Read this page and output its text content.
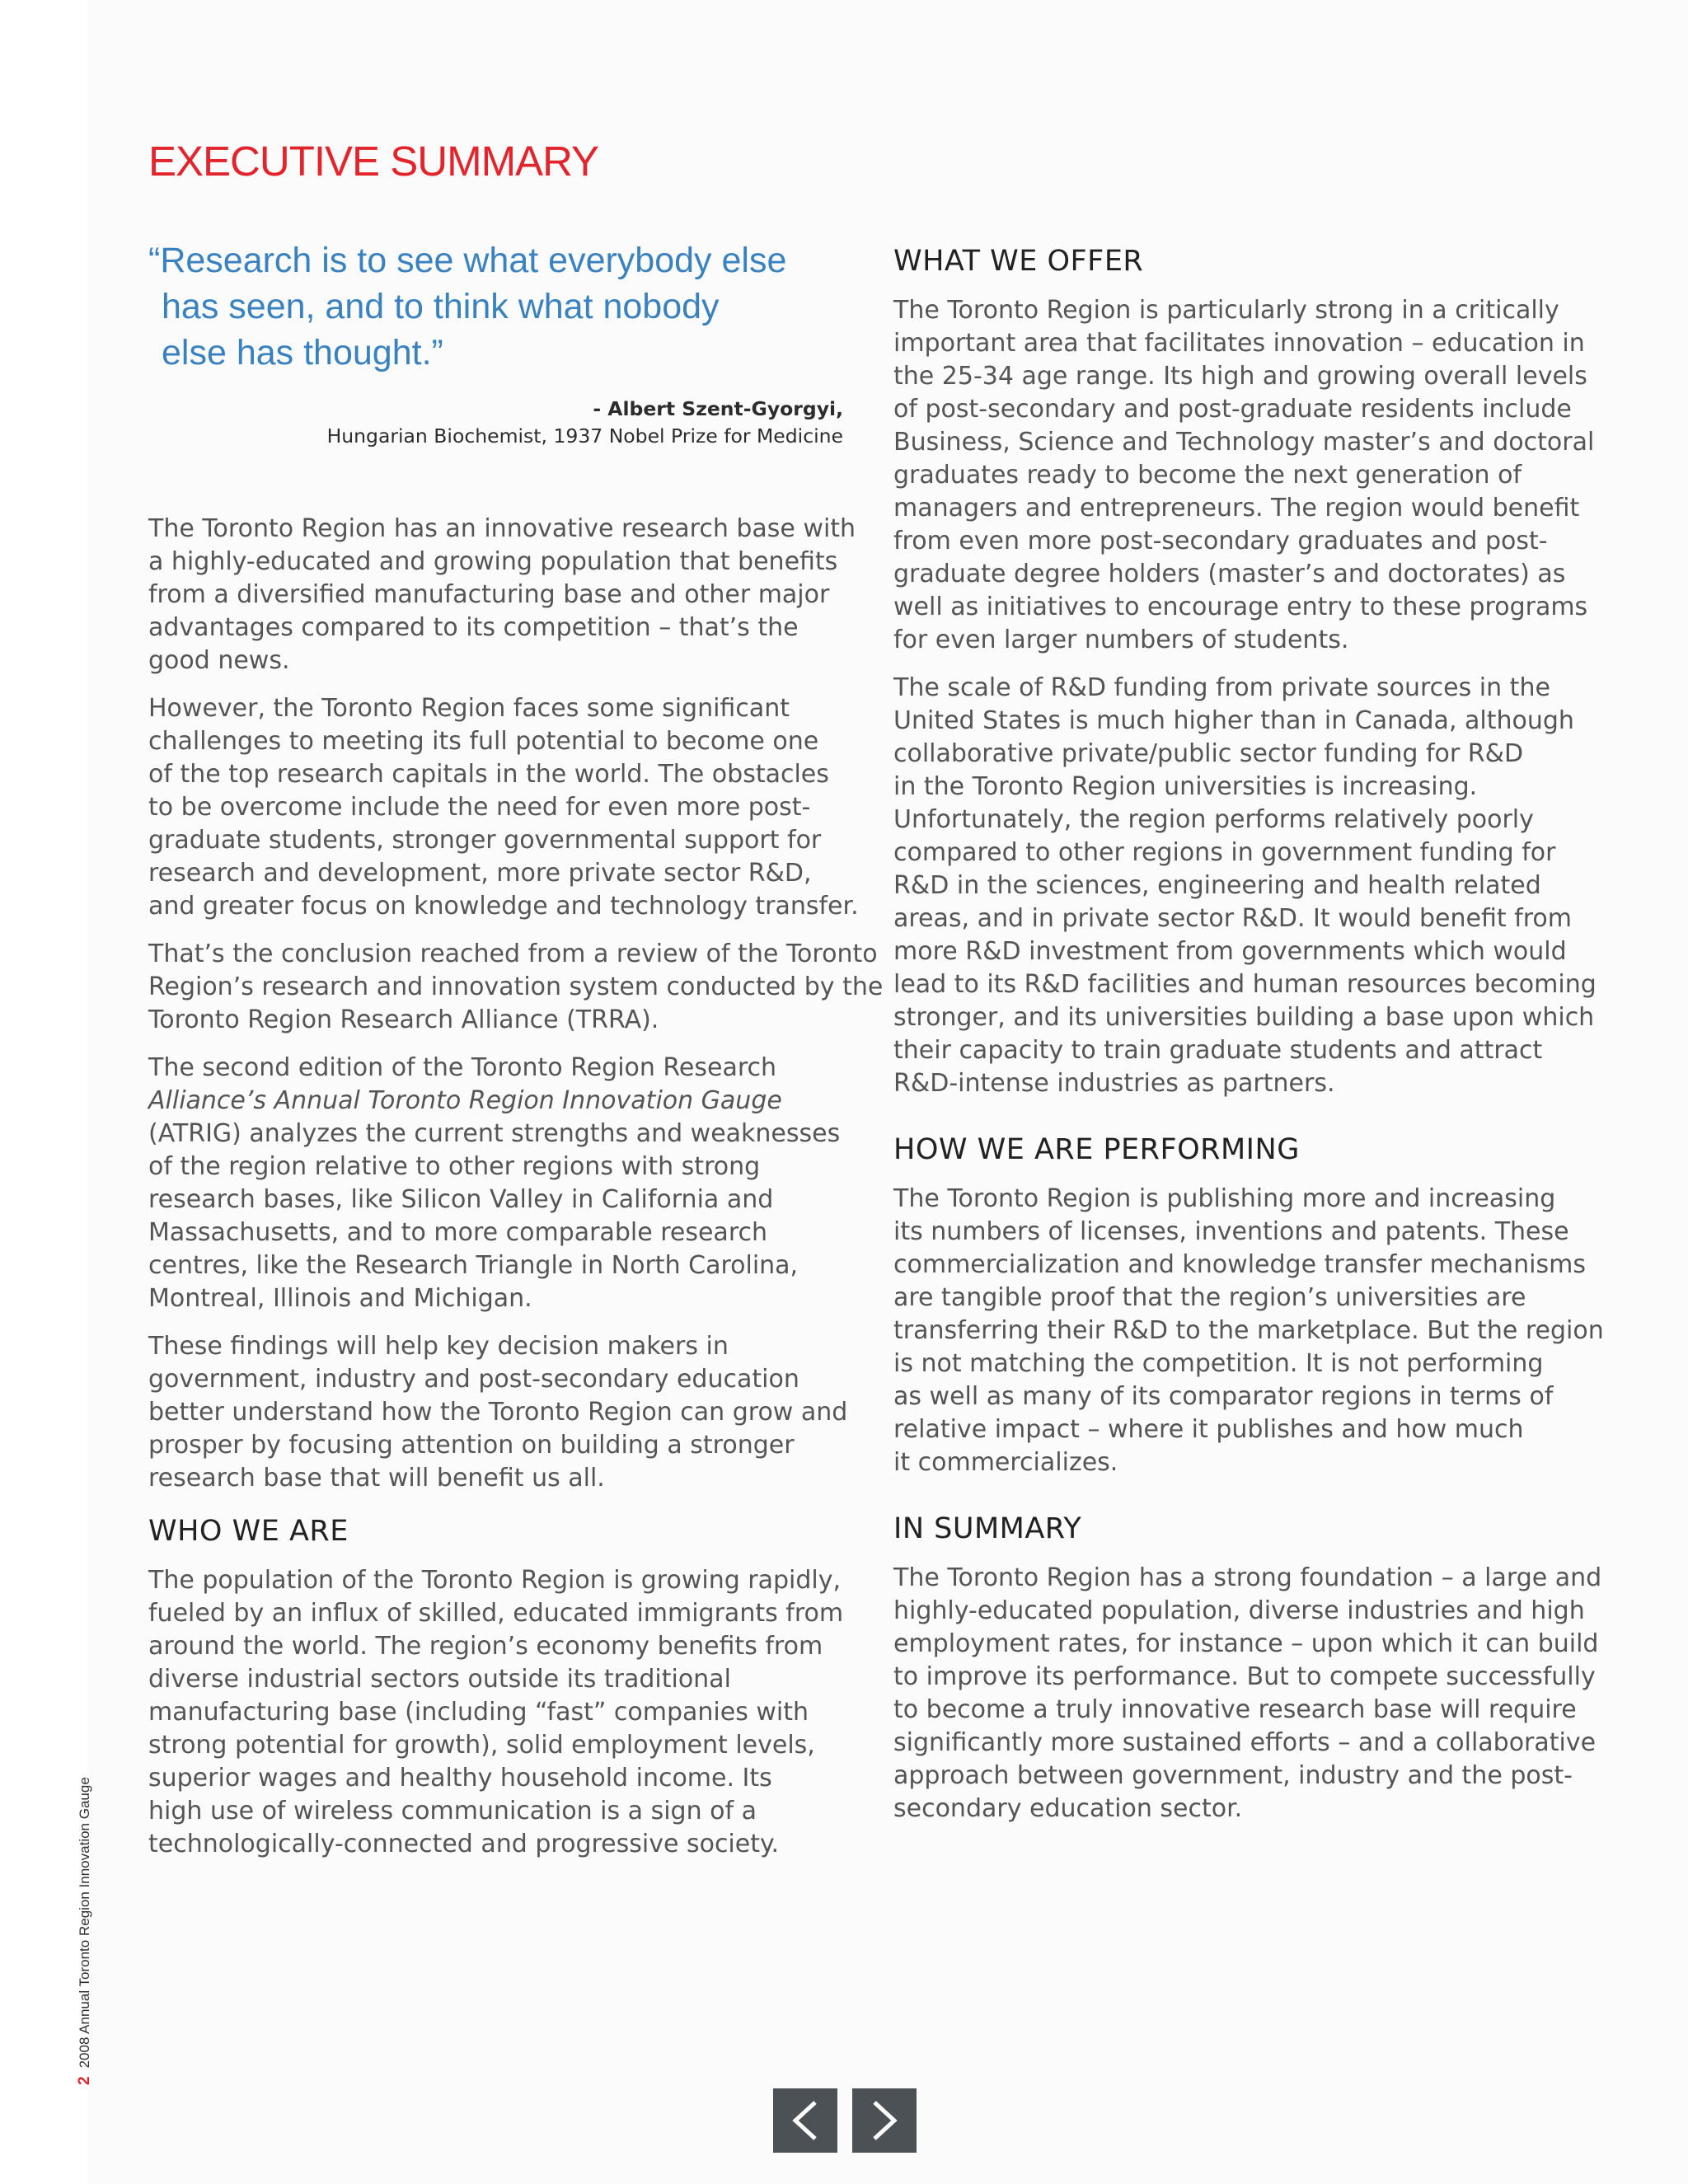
EXECUTIVE SUMMARY
“Research is to see what everybody else
has seen, and to think what nobody
else has thought.”
- Albert Szent-Gyorgyi,
Hungarian Biochemist, 1937 Nobel Prize for Medicine

The Toronto Region has an innovative research base with
a highly-educated and growing population that benefits
from a diversified manufacturing base and other major
advantages compared to its competition – that’s the
good news.

However, the Toronto Region faces some significant
challenges to meeting its full potential to become one
of the top research capitals in the world. The obstacles
to be overcome include the need for even more post-
graduate students, stronger governmental support for
research and development, more private sector R&D,
and greater focus on knowledge and technology transfer.

That’s the conclusion reached from a review of the Toronto
Region’s research and innovation system conducted by the
Toronto Region Research Alliance (TRRA).

The second edition of the Toronto Region Research
Alliance’s Annual Toronto Region Innovation Gauge
(ATRIG) analyzes the current strengths and weaknesses
of the region relative to other regions with strong
research bases, like Silicon Valley in California and
Massachusetts, and to more comparable research
centres, like the Research Triangle in North Carolina,
Montreal, Illinois and Michigan.

These findings will help key decision makers in
government, industry and post-secondary education
better understand how the Toronto Region can grow and
prosper by focusing attention on building a stronger
research base that will benefit us all.

WHO WE ARE

The population of the Toronto Region is growing rapidly,
fueled by an influx of skilled, educated immigrants from
around the world. The region’s economy benefits from
diverse industrial sectors outside its traditional
manufacturing base (including “fast” companies with
strong potential for growth), solid employment levels,
superior wages and healthy household income. Its
high use of wireless communication is a sign of a
technologically-connected and progressive society.

WHAT WE OFFER

The Toronto Region is particularly strong in a critically
important area that facilitates innovation – education in
the 25-34 age range. Its high and growing overall levels
of post-secondary and post-graduate residents include
Business, Science and Technology master’s and doctoral
graduates ready to become the next generation of
managers and entrepreneurs. The region would benefit
from even more post-secondary graduates and post-
graduate degree holders (master’s and doctorates) as
well as initiatives to encourage entry to these programs
for even larger numbers of students.

The scale of R&D funding from private sources in the
United States is much higher than in Canada, although
collaborative private/public sector funding for R&D
in the Toronto Region universities is increasing.
Unfortunately, the region performs relatively poorly
compared to other regions in government funding for
R&D in the sciences, engineering and health related
areas, and in private sector R&D. It would benefit from
more R&D investment from governments which would
lead to its R&D facilities and human resources becoming
stronger, and its universities building a base upon which
their capacity to train graduate students and attract
R&D-intense industries as partners.

HOW WE ARE PERFORMING

The Toronto Region is publishing more and increasing
its numbers of licenses, inventions and patents. These
commercialization and knowledge transfer mechanisms
are tangible proof that the region’s universities are
transferring their R&D to the marketplace. But the region
is not matching the competition. It is not performing
as well as many of its comparator regions in terms of
relative impact – where it publishes and how much
it commercializes.

IN SUMMARY

The Toronto Region has a strong foundation – a large and
highly-educated population, diverse industries and high
employment rates, for instance – upon which it can build
to improve its performance. But to compete successfully
to become a truly innovative research base will require
significantly more sustained efforts – and a collaborative
approach between government, industry and the post-
secondary education sector.

22008 Annual Toronto Region Innovation Gauge
